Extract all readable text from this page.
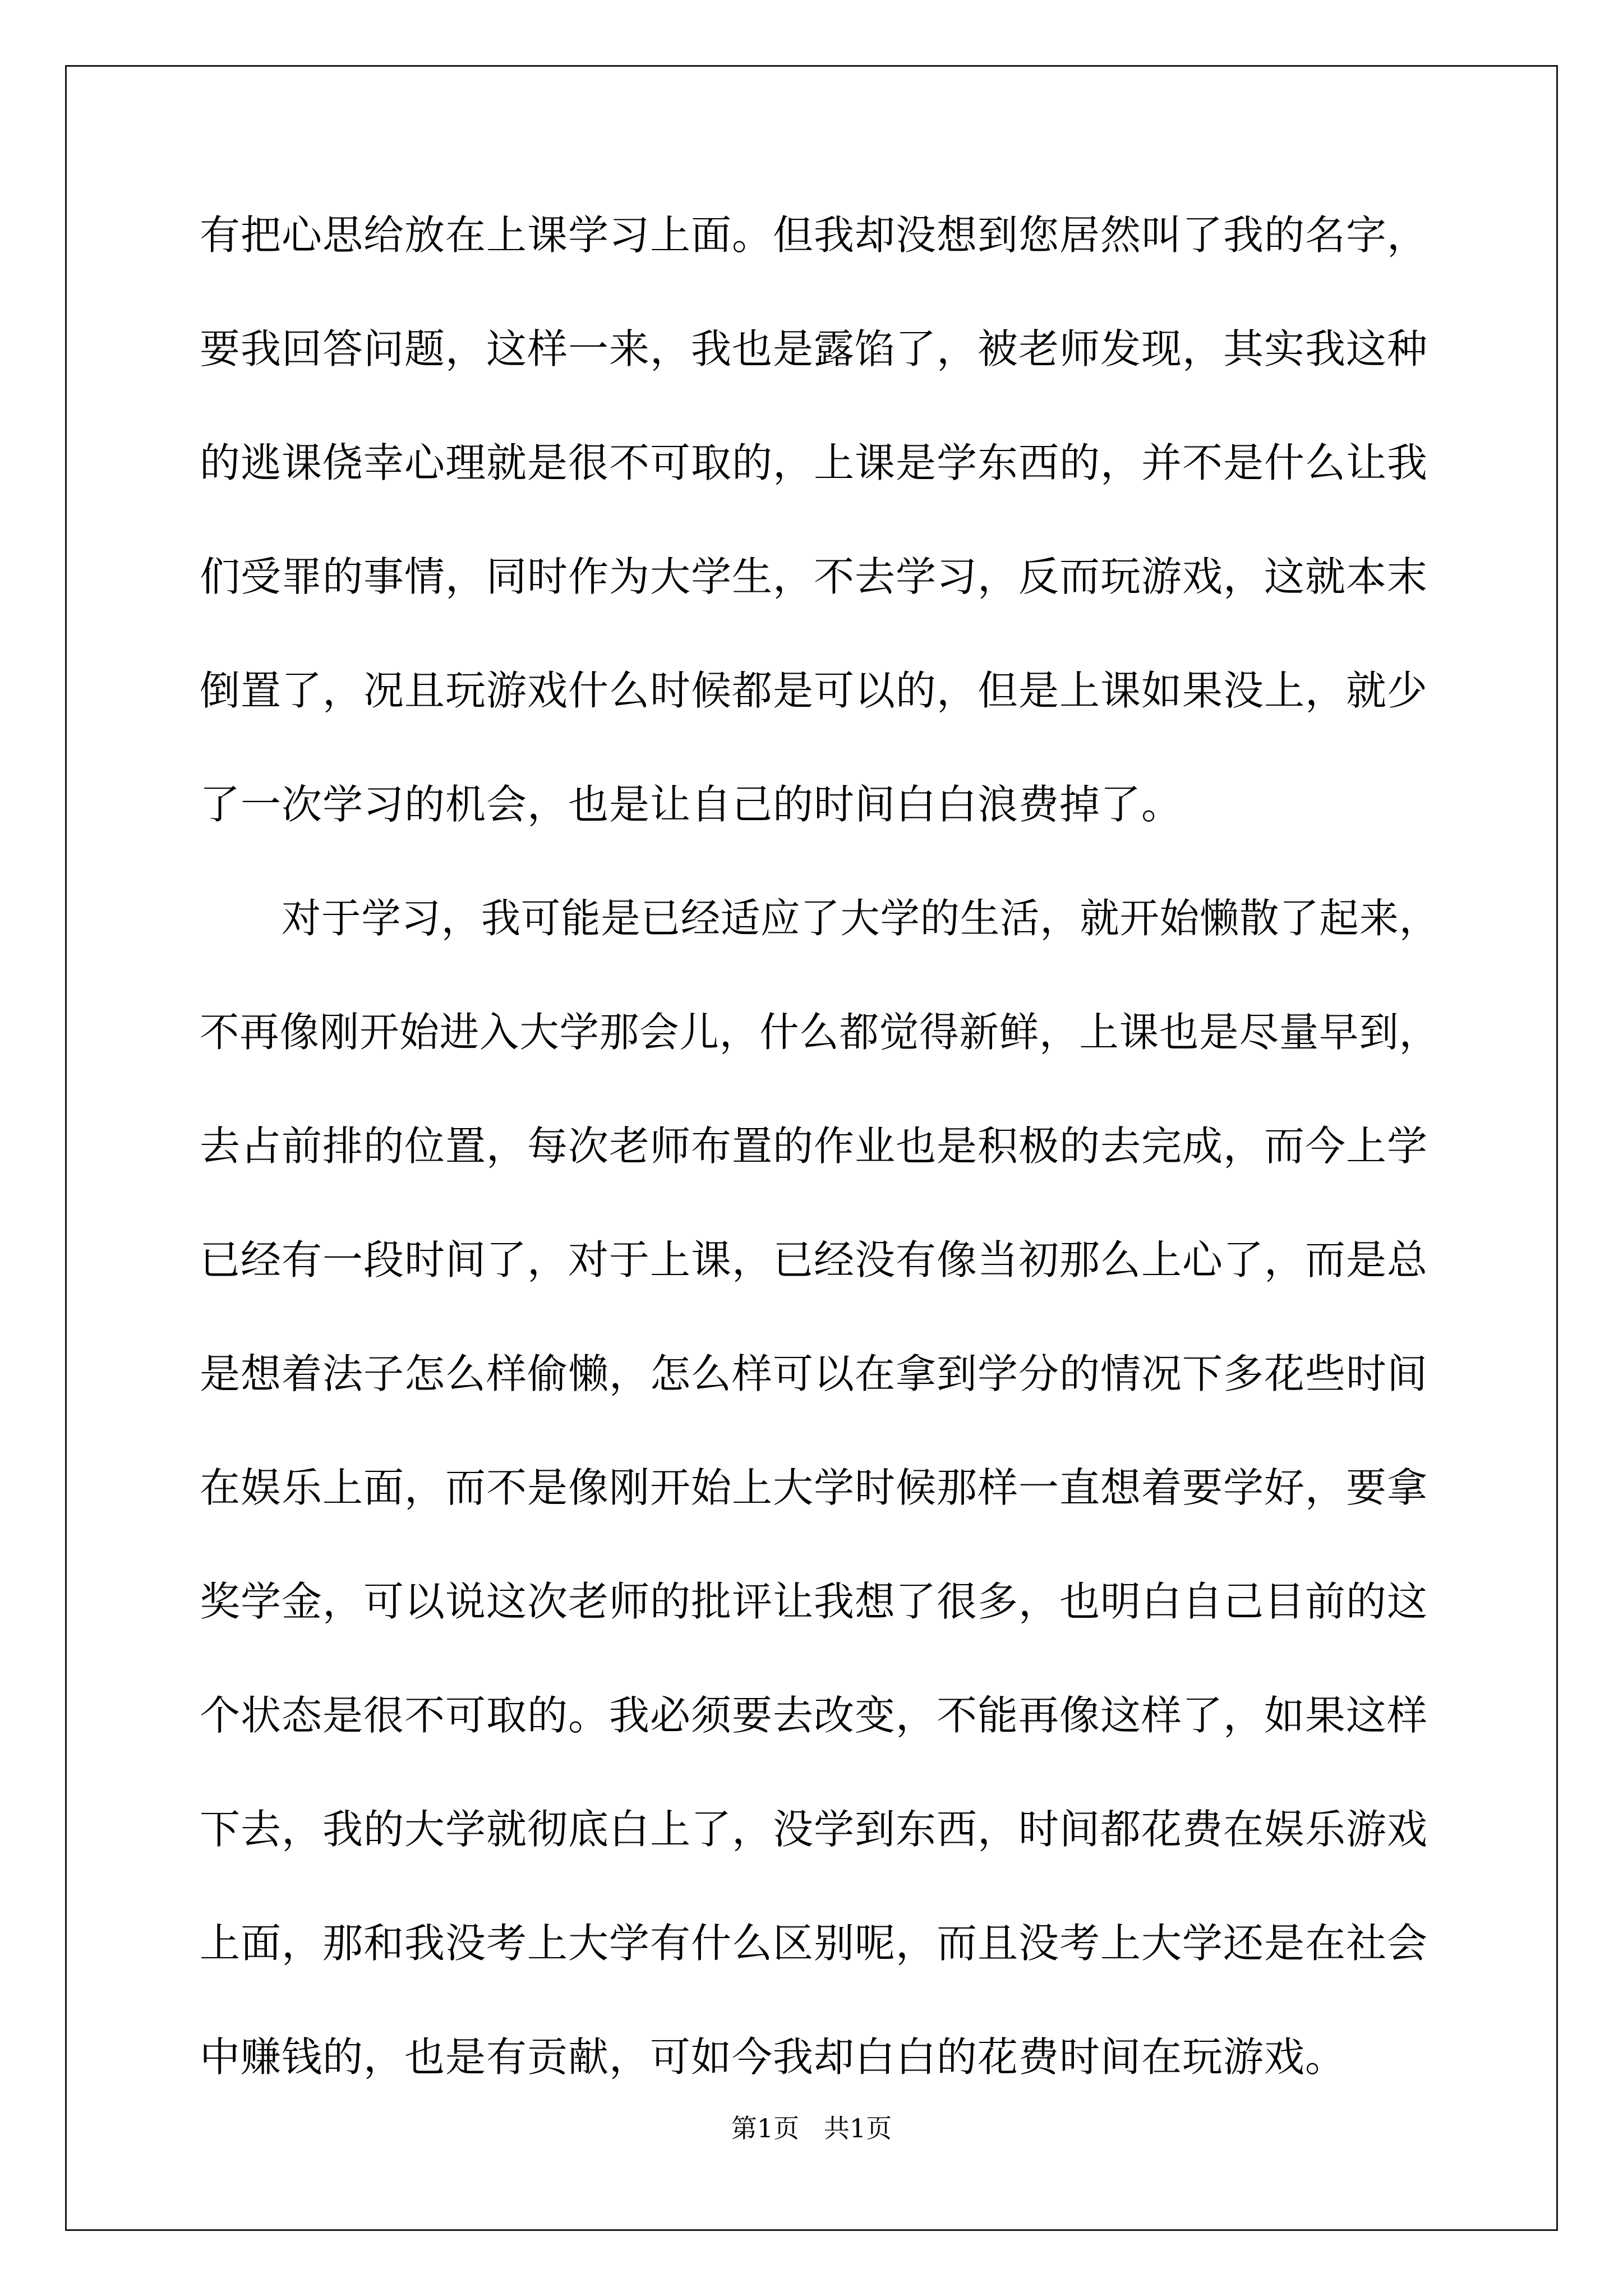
有把心思给放在上课学习上面。但我却没想到您居然叫了我的名字，
要我回答问题，这样一来，我也是露馅了，被老师发现，其实我这种
的逃课侥幸心理就是很不可取的，上课是学东西的，并不是什么让我
们受罪的事情，同时作为大学生，不去学习，反而玩游戏，这就本末
倒置了，况且玩游戏什么时候都是可以的，但是上课如果没上，就少
了一次学习的机会，也是让自己的时间白白浪费掉了。
对于学习，我可能是已经适应了大学的生活，就开始懒散了起来，
不再像刚开始进入大学那会儿，什么都觉得新鲜，上课也是尽量早到，
去占前排的位置，每次老师布置的作业也是积极的去完成，而今上学
已经有一段时间了，对于上课，已经没有像当初那么上心了，而是总
是想着法子怎么样偷懒，怎么样可以在拿到学分的情况下多花些时间
在娱乐上面，而不是像刚开始上大学时候那样一直想着要学好，要拿
奖学金，可以说这次老师的批评让我想了很多，也明白自己目前的这
个状态是很不可取的。我必须要去改变，不能再像这样了，如果这样
下去，我的大学就彻底白上了，没学到东西，时间都花费在娱乐游戏
上面，那和我没考上大学有什么区别呢，而且没考上大学还是在社会
中赚钱的，也是有贡献，可如今我却白白的花费时间在玩游戏。
第1页   共1页
